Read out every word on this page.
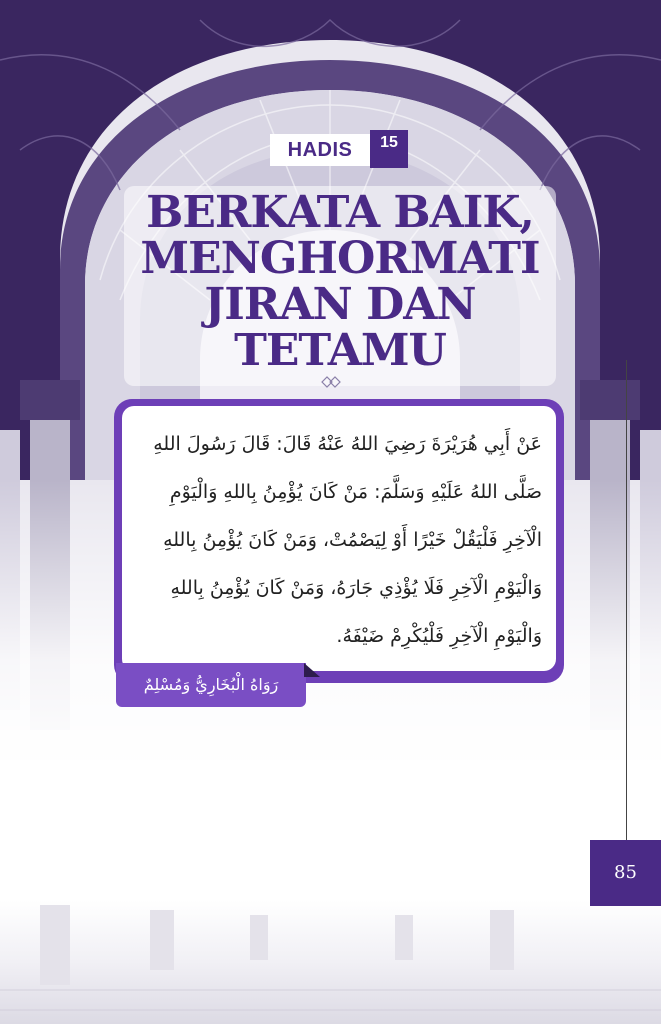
HADIS	15
BERKATA BAIK,
MENGHORMATI
JIRAN DAN
TETAMU
عَنْ أَبِي هُرَيْرَةَ رَضِيَ اللهُ عَنْهُ قَالَ: قَالَ رَسُولَ اللهِ
صَلَّى اللهُ عَلَيْهِ وَسَلَّمَ: مَنْ كَانَ يُؤْمِنُ بِاللهِ وَالْيَوْمِ
الْآخِرِ فَلْيَقُلْ خَيْرًا أَوْ لِيَصْمُتْ، وَمَنْ كَانَ يُؤْمِنُ بِاللهِ
وَالْيَوْمِ الْآخِرِ فَلَا يُؤْذِي جَارَهُ، وَمَنْ كَانَ يُؤْمِنُ بِاللهِ
وَالْيَوْمِ الْآخِرِ فَلْيُكْرِمْ ضَيْفَهُ.
رَوَاهُ الْبُخَارِيُّ وَمُسْلِمٌ
85
